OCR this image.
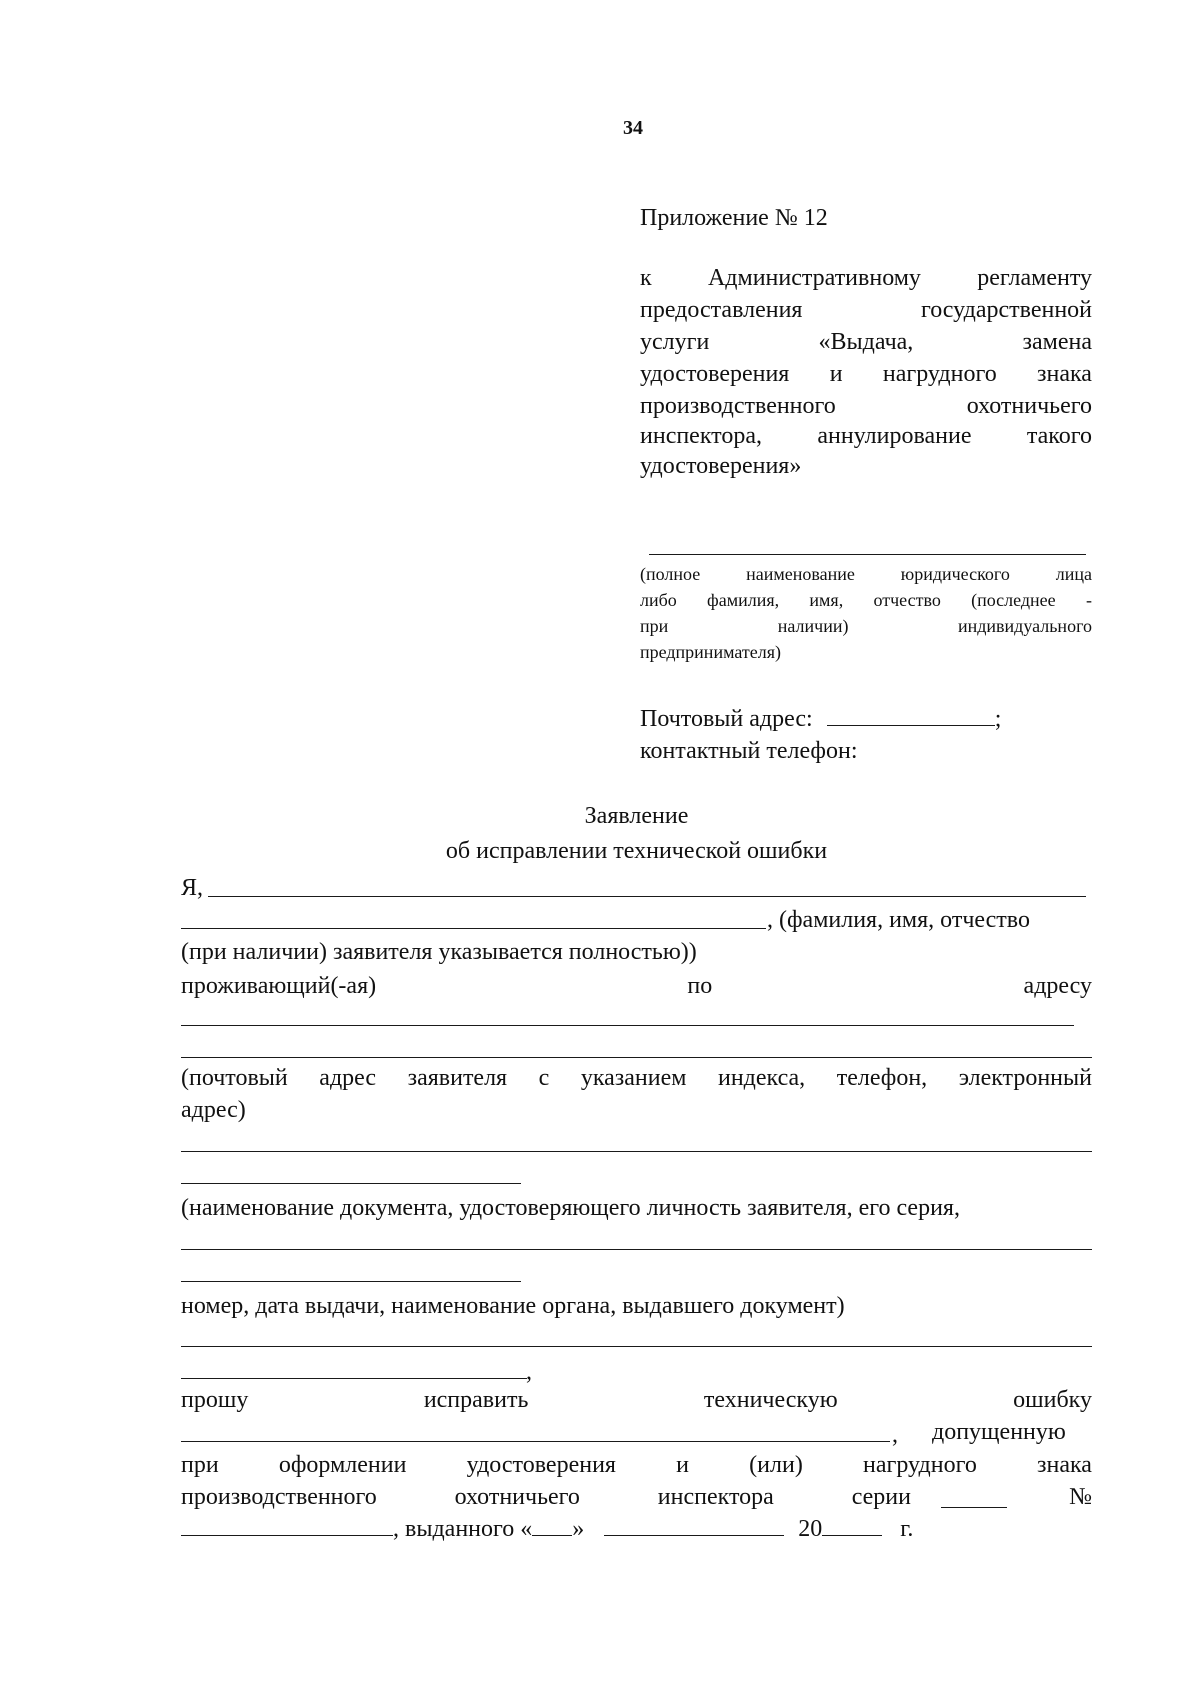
34
Приложение № 12
к Административному регламенту
предоставления	государственной
услуги	«Выдача,	замена
удостоверения и нагрудного знака
производственного	охотничьего
инспектора, аннулирование такого
удостоверения»
(полное	наименование	юридического	лица
либо фамилия, имя, отчество (последнее -
при	наличии)	индивидуального
предпринимателя)
Почтовый адрес:	;
контактный телефон:
Заявление
об исправлении технической ошибки
Я,
, (фамилия, имя, отчество
(при наличии) заявителя указывается полностью))
проживающий(-ая)	по	адресу
(почтовый адрес заявителя с указанием индекса, телефон, электронный
адрес)
(наименование документа, удостоверяющего личность заявителя, его серия,
номер, дата выдачи, наименование органа, выдавшего документ)
,
прошу	исправить	техническую	ошибку
, допущенную
при	оформлении	удостоверения	и	(или)	нагрудного	знака
производственного	охотничьего	инспектора	серии	№
, выданного « »	20	г.
